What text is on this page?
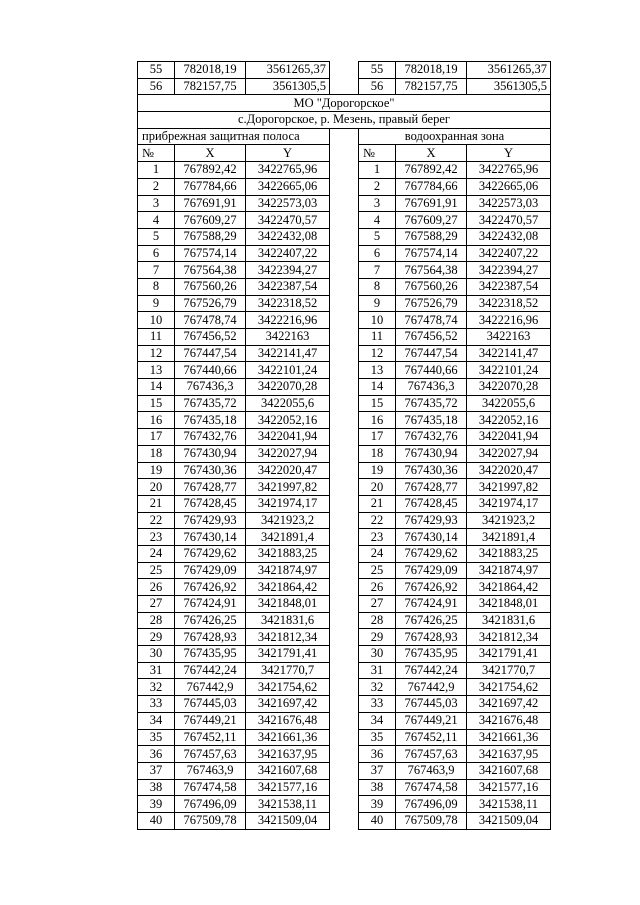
55	782018,19	3561265,37		55	782018,19	3561265,37
56	782157,75	3561305,5		56	782157,75	3561305,5
МО "Дорогорское"						
с.Дорогорское, р. Мезень, правый берег						
прибрежная защитная полоса				водоохранная зона		
№	X	Y		№	X	Y
1	767892,42	3422765,96		1	767892,42	3422765,96
2	767784,66	3422665,06		2	767784,66	3422665,06
3	767691,91	3422573,03		3	767691,91	3422573,03
4	767609,27	3422470,57		4	767609,27	3422470,57
5	767588,29	3422432,08		5	767588,29	3422432,08
6	767574,14	3422407,22		6	767574,14	3422407,22
7	767564,38	3422394,27		7	767564,38	3422394,27
8	767560,26	3422387,54		8	767560,26	3422387,54
9	767526,79	3422318,52		9	767526,79	3422318,52
10	767478,74	3422216,96		10	767478,74	3422216,96
11	767456,52	3422163		11	767456,52	3422163
12	767447,54	3422141,47		12	767447,54	3422141,47
13	767440,66	3422101,24		13	767440,66	3422101,24
14	767436,3	3422070,28		14	767436,3	3422070,28
15	767435,72	3422055,6		15	767435,72	3422055,6
16	767435,18	3422052,16		16	767435,18	3422052,16
17	767432,76	3422041,94		17	767432,76	3422041,94
18	767430,94	3422027,94		18	767430,94	3422027,94
19	767430,36	3422020,47		19	767430,36	3422020,47
20	767428,77	3421997,82		20	767428,77	3421997,82
21	767428,45	3421974,17		21	767428,45	3421974,17
22	767429,93	3421923,2		22	767429,93	3421923,2
23	767430,14	3421891,4		23	767430,14	3421891,4
24	767429,62	3421883,25		24	767429,62	3421883,25
25	767429,09	3421874,97		25	767429,09	3421874,97
26	767426,92	3421864,42		26	767426,92	3421864,42
27	767424,91	3421848,01		27	767424,91	3421848,01
28	767426,25	3421831,6		28	767426,25	3421831,6
29	767428,93	3421812,34		29	767428,93	3421812,34
30	767435,95	3421791,41		30	767435,95	3421791,41
31	767442,24	3421770,7		31	767442,24	3421770,7
32	767442,9	3421754,62		32	767442,9	3421754,62
33	767445,03	3421697,42		33	767445,03	3421697,42
34	767449,21	3421676,48		34	767449,21	3421676,48
35	767452,11	3421661,36		35	767452,11	3421661,36
36	767457,63	3421637,95		36	767457,63	3421637,95
37	767463,9	3421607,68		37	767463,9	3421607,68
38	767474,58	3421577,16		38	767474,58	3421577,16
39	767496,09	3421538,11		39	767496,09	3421538,11
40	767509,78	3421509,04		40	767509,78	3421509,04
